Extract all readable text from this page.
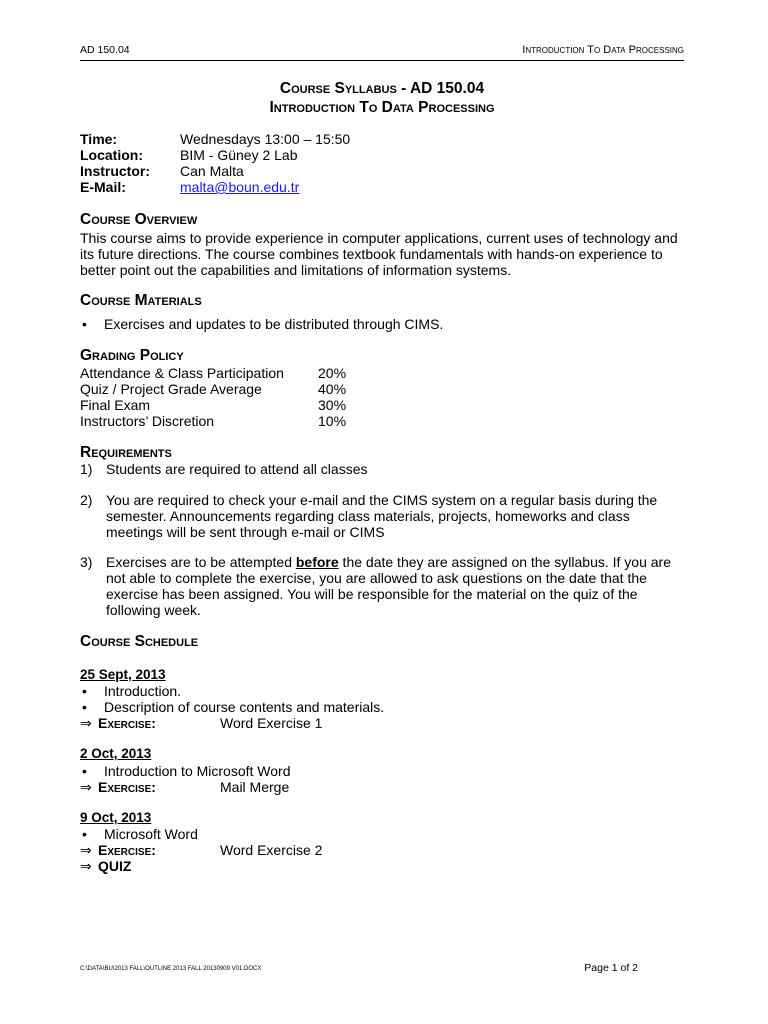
AD 150.04	Introduction To Data Processing
Course Syllabus - AD 150.04
Introduction To Data Processing
Time:	Wednesdays 13:00 – 15:50
Location:	BIM - Güney 2 Lab
Instructor:	Can Malta
E-Mail:	malta@boun.edu.tr
Course Overview
This course aims to provide experience in computer applications, current uses of technology and its future directions. The course combines textbook fundamentals with hands-on experience to better point out the capabilities and limitations of information systems.
Course Materials
• Exercises and updates to be distributed through CIMS.
Grading Policy
Attendance & Class Participation	20%
Quiz / Project Grade Average	40%
Final Exam	30%
Instructors’ Discretion	10%
Requirements
1) Students are required to attend all classes
2) You are required to check your e-mail and the CIMS system on a regular basis during the semester. Announcements regarding class materials, projects, homeworks and class meetings will be sent through e-mail or CIMS
3) Exercises are to be attempted before the date they are assigned on the syllabus. If you are not able to complete the exercise, you are allowed to ask questions on the date that the exercise has been assigned. You will be responsible for the material on the quiz of the following week.
Course Schedule
25 Sept, 2013
• Introduction.
• Description of course contents and materials.
⇒ Exercise:	Word Exercise 1
2 Oct, 2013
• Introduction to Microsoft Word
⇒ Exercise:	Mail Merge
9 Oct, 2013
• Microsoft Word
⇒ Exercise:	Word Exercise 2
⇒ QUIZ
C:\DATA\BU\2013 FALL\OUTLINE 2013 FALL 20130909 V01.DOCX	Page 1 of 2
